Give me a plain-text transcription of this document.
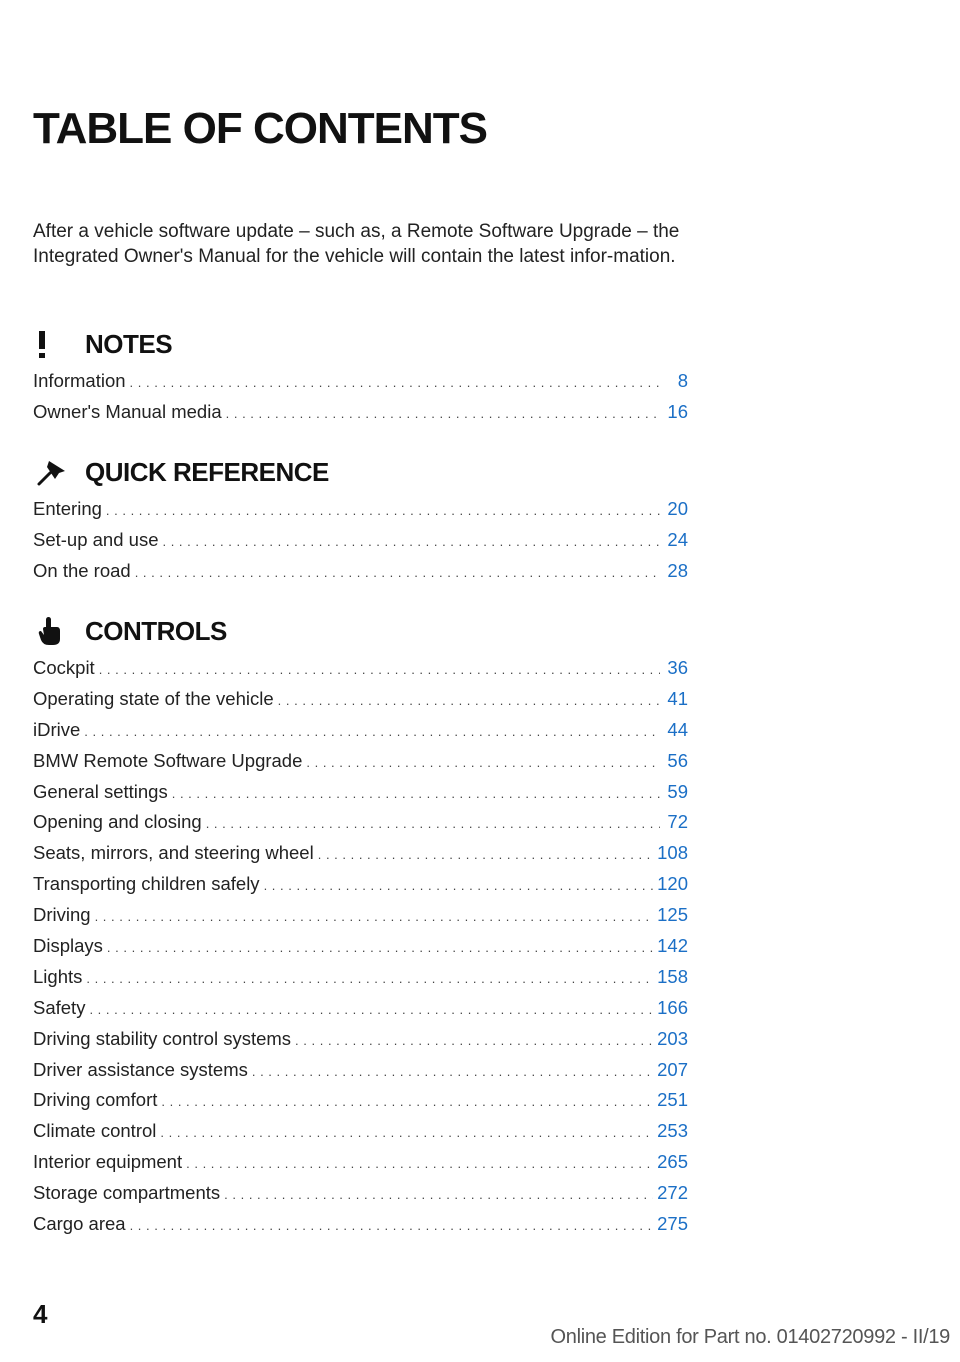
TABLE OF CONTENTS

After a vehicle software update – such as, a Remote Software Upgrade – the Integrated Owner's Manual for the vehicle will contain the latest infor-mation.

NOTES
Information . . .	8
Owner's Manual media . . .	16
QUICK REFERENCE
Entering . . .	20
Set-up and use . . .	24
On the road . . .	28
CONTROLS
Cockpit . . .	36
Operating state of the vehicle . . .	41
iDrive . . .	44
BMW Remote Software Upgrade . . .	56
General settings . . .	59
Opening and closing . . .	72
Seats, mirrors, and steering wheel . . .	108
Transporting children safely . . .	120
Driving . . .	125
Displays . . .	142
Lights . . .	158
Safety . . .	166
Driving stability control systems . . .	203
Driver assistance systems . . .	207
Driving comfort . . .	251
Climate control . . .	253
Interior equipment . . .	265
Storage compartments . . .	272
Cargo area . . .	275
4
Online Edition for Part no. 01402720992 - II/19
